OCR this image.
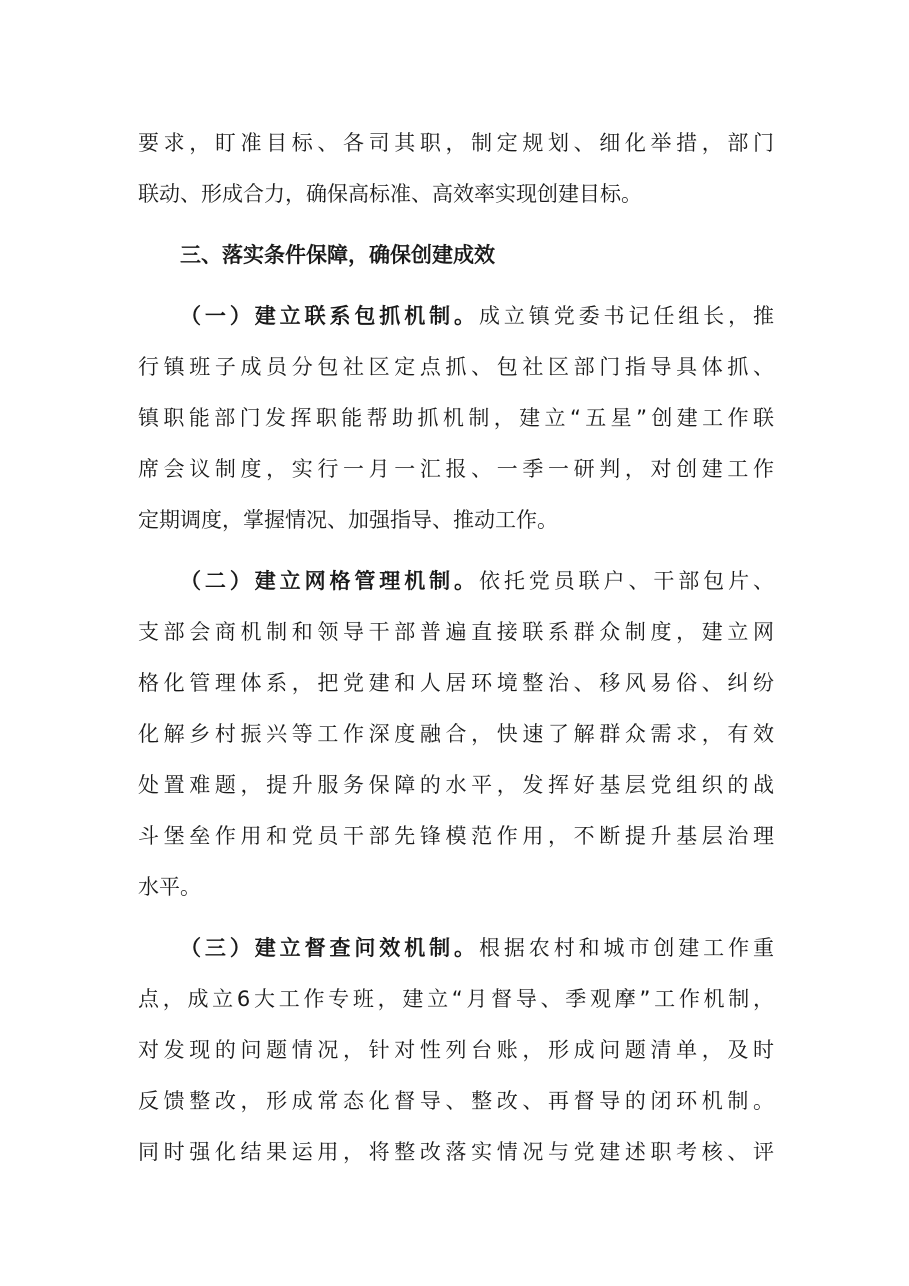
要求，盯准目标、各司其职，制定规划、细化举措，部门
联动、形成合力，确保高标准、高效率实现创建目标。
三、落实条件保障，确保创建成效
（一）建立联系包抓机制。成立镇党委书记任组长，推
行镇班子成员分包社区定点抓、包社区部门指导具体抓、
镇职能部门发挥职能帮助抓机制，建立“五星”创建工作联
席会议制度，实行一月一汇报、一季一研判，对创建工作
定期调度，掌握情况、加强指导、推动工作。
（二）建立网格管理机制。依托党员联户、干部包片、
支部会商机制和领导干部普遍直接联系群众制度，建立网
格化管理体系，把党建和人居环境整治、移风易俗、纠纷
化解乡村振兴等工作深度融合，快速了解群众需求，有效
处置难题，提升服务保障的水平，发挥好基层党组织的战
斗堡垒作用和党员干部先锋模范作用，不断提升基层治理
水平。
（三）建立督查问效机制。根据农村和城市创建工作重
点，成立6大工作专班，建立“月督导、季观摩”工作机制，
对发现的问题情况，针对性列台账，形成问题清单，及时
反馈整改，形成常态化督导、整改、再督导的闭环机制。
同时强化结果运用，将整改落实情况与党建述职考核、评
